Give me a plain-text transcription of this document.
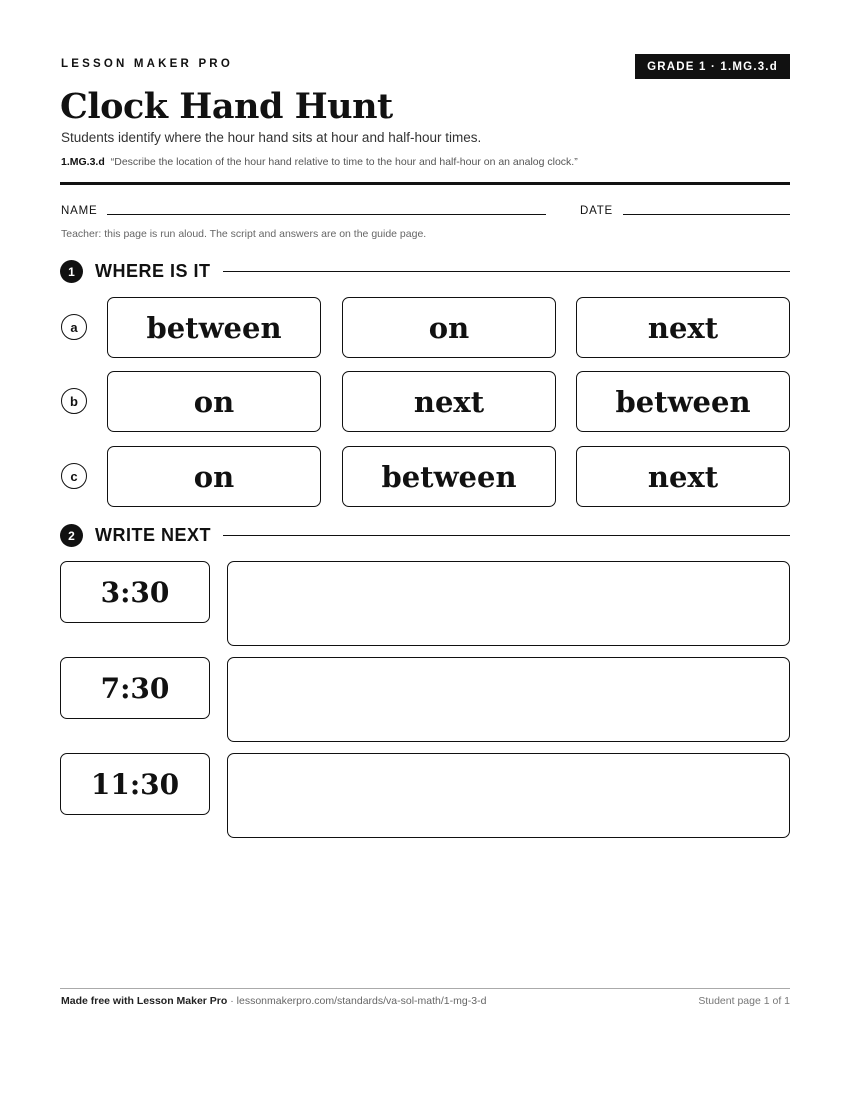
LESSON MAKER PRO	GRADE 1 · 1.MG.3.d
Clock Hand Hunt
Students identify where the hour hand sits at hour and half-hour times.
1.MG.3.d “Describe the location of the hour hand relative to time to the hour and half-hour on an analog clock.”
NAME	DATE
Teacher: this page is run aloud. The script and answers are on the guide page.
1	WHERE IS IT
a	between	on	next
b	on	next	between
c	on	between	next
2	WRITE NEXT
3:30
7:30
11:30
Made free with Lesson Maker Pro · lessonmakerpro.com/standards/va-sol-math/1-mg-3-d	Student page 1 of 1
